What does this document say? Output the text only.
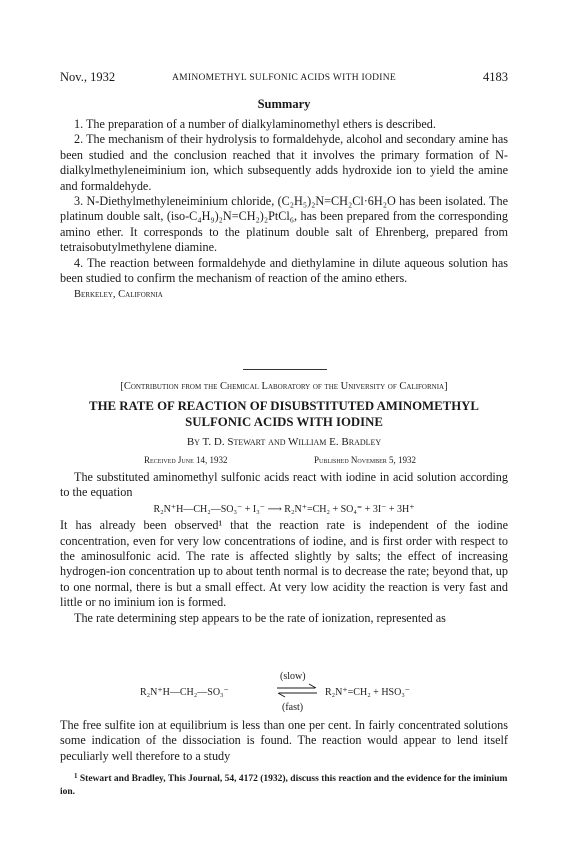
Nov., 1932	AMINOMETHYL SULFONIC ACIDS WITH IODINE	4183
Summary

1. The preparation of a number of dialkylaminomethyl ethers is described.

2. The mechanism of their hydrolysis to formaldehyde, alcohol and secondary amine has been studied and the conclusion reached that it involves the primary formation of N-dialkylmethyleneiminium ion, which subsequently adds hydroxide ion to yield the amine and formaldehyde.

3. N-Diethylmethyleneiminium chloride, (C₂H₅)₂N=CH₂Cl·6H₂O has been isolated. The platinum double salt, (iso-C₄H₉)₂N=CH₂)₂PtCl₆, has been prepared from the corresponding amino ether. It corresponds to the platinum double salt of Ehrenberg, prepared from tetraisobutylmethylene diamine.

4. The reaction between formaldehyde and diethylamine in dilute aqueous solution has been studied to confirm the mechanism of reaction of the amino ethers.

Berkeley, California
[Contribution from the Chemical Laboratory of the University of California]
THE RATE OF REACTION OF DISUBSTITUTED AMINOMETHYL
SULFONIC ACIDS WITH IODINE
By T. D. Stewart and William E. Bradley
Received June 14, 1932	Published November 5, 1932

The substituted aminomethyl sulfonic acids react with iodine in acid solution according to the equation

R₂N⁺H—CH₂—SO₃⁻ + I₃⁻ ⟶ R₂N⁺=CH₂ + SO₄⁼ + 3I⁻ + 3H⁺

It has already been observed¹ that the reaction rate is independent of the iodine concentration, even for very low concentrations of iodine, and is first order with respect to the aminosulfonic acid. The rate is affected slightly by salts; the effect of increasing hydrogen-ion concentration up to about tenth normal is to decrease the rate; beyond that, up to one normal, there is but a small effect. At very low acidity the reaction is very fast and little or no iminium ion is formed.

The rate determining step appears to be the rate of ionization, represented as

(slow)
R₂N⁺H—CH₂—SO₃⁻	R₂N⁺=CH₂ + HSO₃⁻
(fast)

The free sulfite ion at equilibrium is less than one per cent. In fairly concentrated solutions some indication of the dissociation is found. The reaction would appear to lend itself peculiarly well therefore to a study

$^1$ Stewart and Bradley, This Journal, 54, 4172 (1932), discuss this reaction and the evidence for the iminium ion.
